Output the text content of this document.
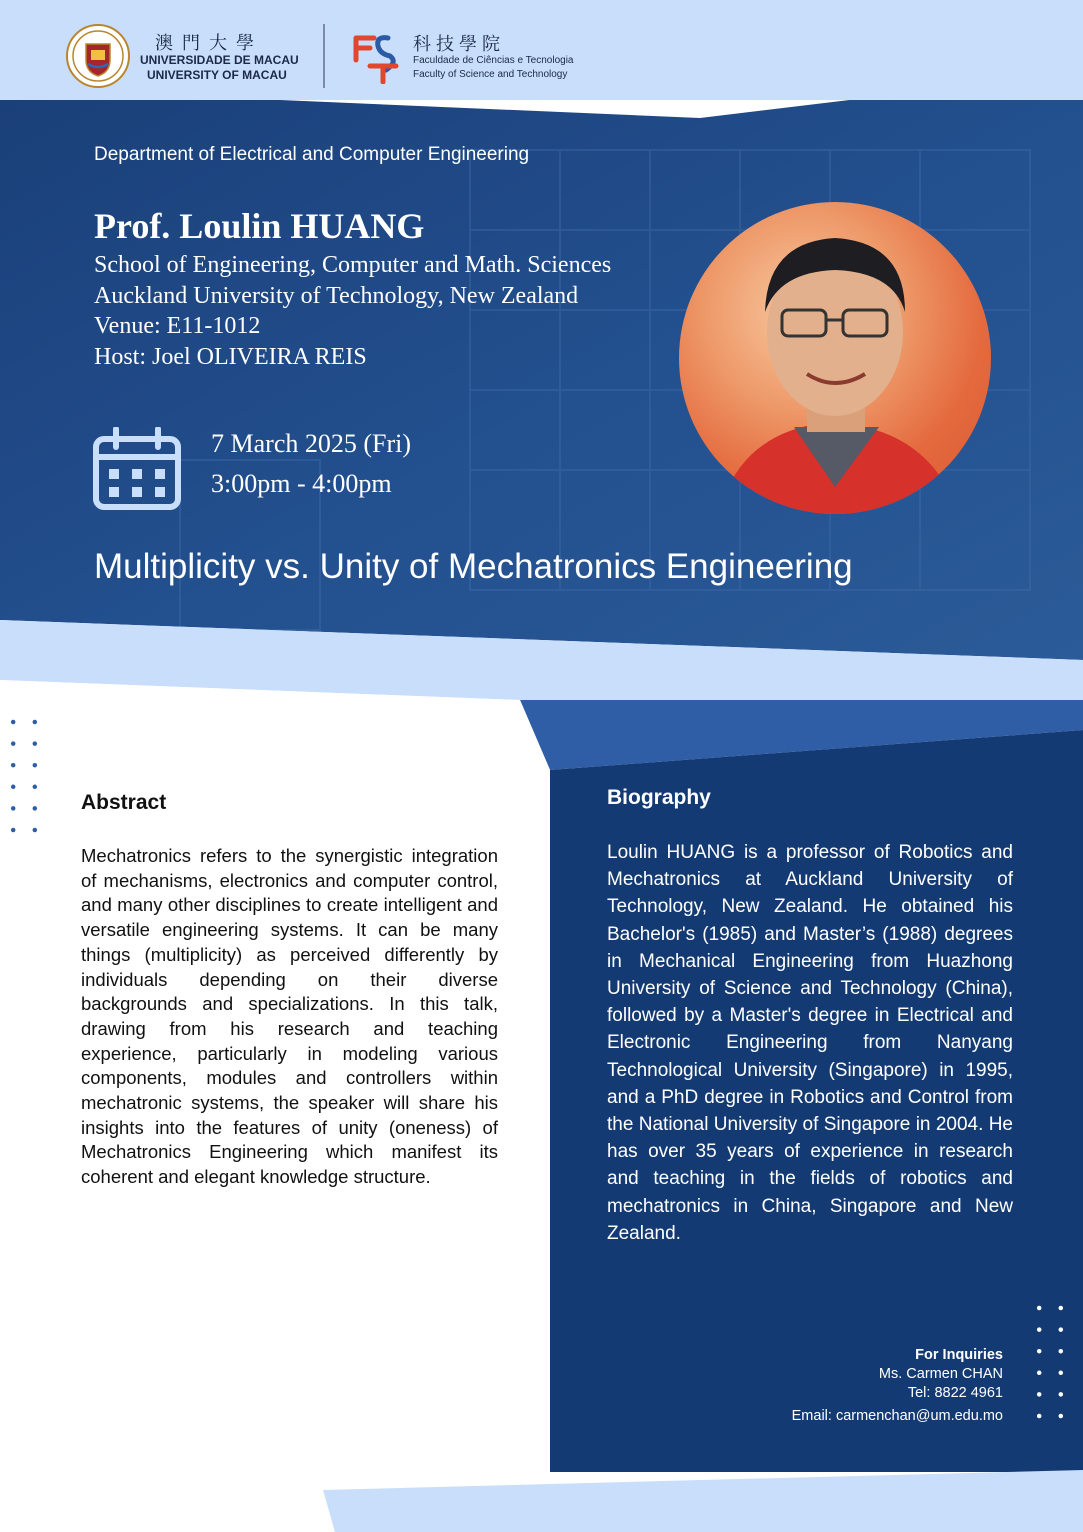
澳門大學
UNIVERSIDADE DE MACAU
UNIVERSITY OF MACAU
科技學院
Faculdade de Ciências e Tecnologia
Faculty of Science and Technology
Department of Electrical and Computer Engineering
Prof. Loulin HUANG
School of Engineering, Computer and Math. Sciences
Auckland University of Technology, New Zealand
Venue: E11-1012
Host: Joel OLIVEIRA REIS
7 March 2025 (Fri)
3:00pm - 4:00pm
Multiplicity vs. Unity of Mechatronics Engineering
Abstract
Mechatronics refers to the synergistic integration of mechanisms, electronics and computer control, and many other disciplines to create intelligent and versatile engineering systems. It can be many things (multiplicity) as perceived differently by individuals depending on their diverse backgrounds and specializations. In this talk, drawing from his research and teaching experience, particularly in modeling various components, modules and controllers within mechatronic systems, the speaker will share his insights into the features of unity (oneness) of Mechatronics Engineering which manifest its coherent and elegant knowledge structure.
Biography
Loulin HUANG is a professor of Robotics and Mechatronics at Auckland University of Technology, New Zealand. He obtained his Bachelor's (1985) and Master’s (1988) degrees in Mechanical Engineering from Huazhong University of Science and Technology (China), followed by a Master's degree in Electrical and Electronic Engineering from Nanyang Technological University (Singapore) in 1995, and a PhD degree in Robotics and Control from the National University of Singapore in 2004. He has over 35 years of experience in research and teaching in the fields of robotics and mechatronics in China, Singapore and New Zealand.
For Inquiries
Ms. Carmen CHAN
Tel: 8822 4961
Email: carmenchan@um.edu.mo
